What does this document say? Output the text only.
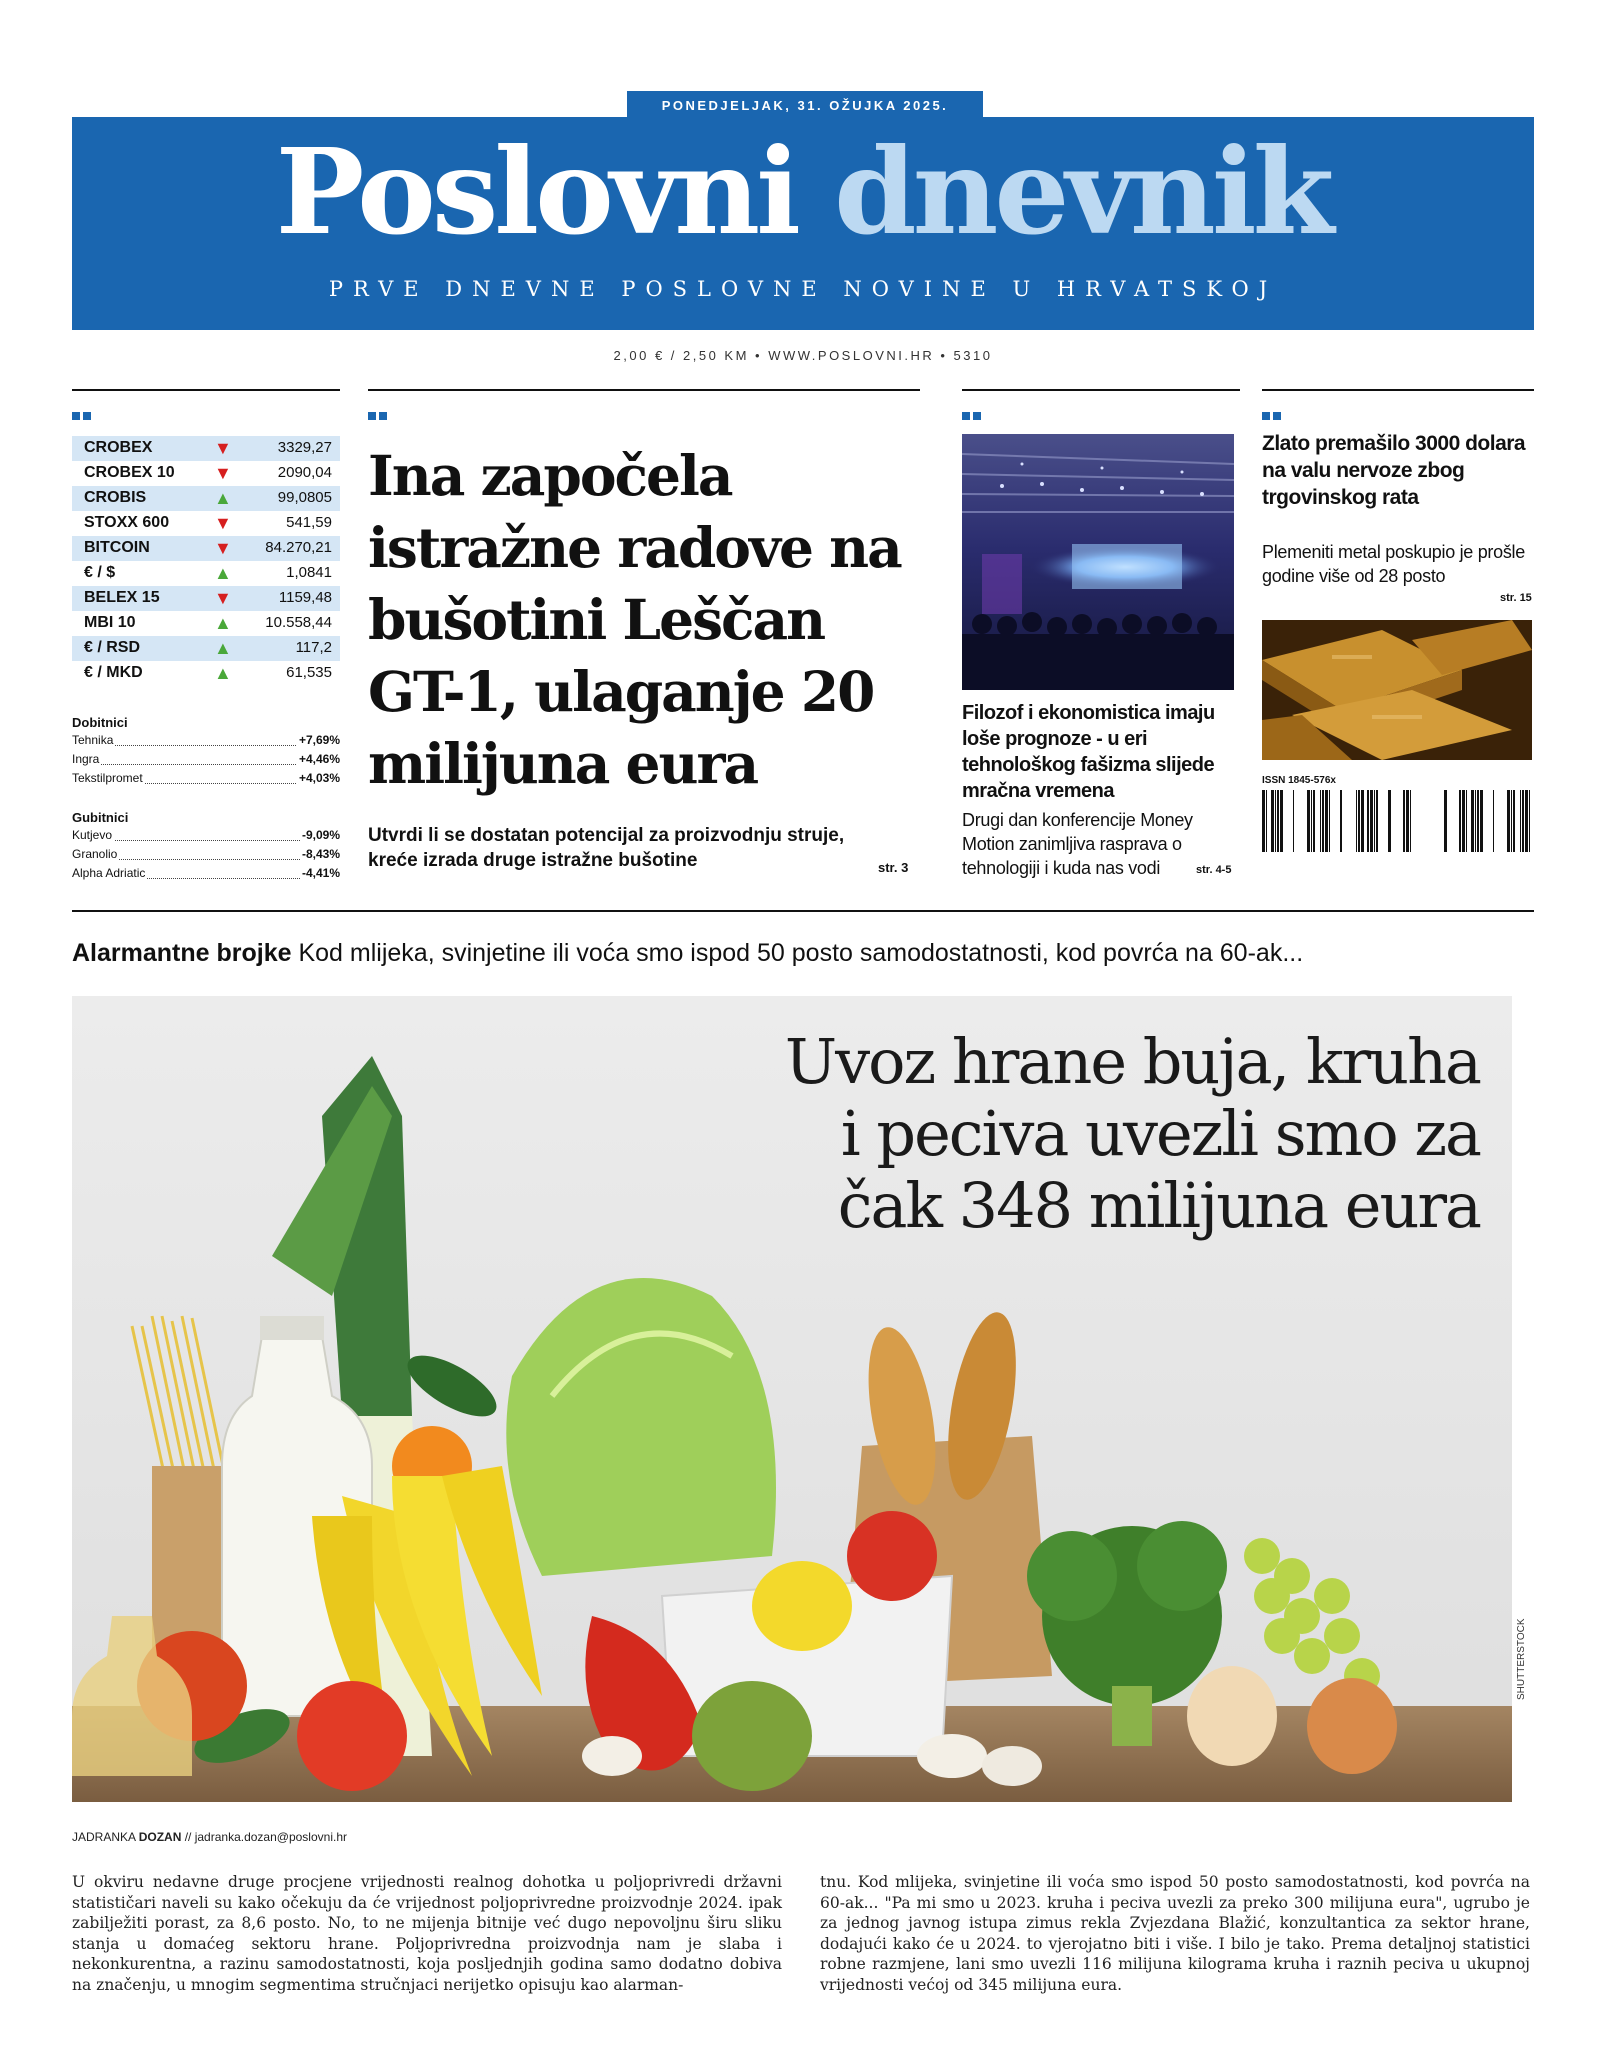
PONEDJELJAK, 31. OŽUJKA 2025.
Poslovni dnevnik
PRVE DNEVNE POSLOVNE NOVINE U HRVATSKOJ
2,00 € / 2,50 KM • WWW.POSLOVNI.HR • 5310
CROBEX	▼	3329,27
CROBEX 10 ▼	2090,04
CROBIS	▲	99,0805
STOXX 600 ▼	541,59
BITCOIN	▼ 84.270,21
€ / $	▲	1,0841
BELEX 15	▼	1159,48
MBI 10	▲ 10.558,44
€ / RSD	▲	117,2
€ / MKD	▲	61,535
Dobitnici
Tehnika	+7,69%
Ingra	+4,46%
Tekstilpromet	+4,03%
Gubitnici
Kutjevo	-9,09%
Granolio	-8,43%
Alpha Adriatic	-4,41%
Ina započela istražne radove na bušotini Leščan GT-1, ulaganje 20 milijuna eura
Utvrdi li se dostatan potencijal za proizvodnju struje, kreće izrada druge istražne bušotine	str. 3
Filozof i ekonomistica imaju loše prognoze - u eri tehnološkog fašizma slijede mračna vremena
Drugi dan konferencije Money Motion zanimljiva rasprava o tehnologiji i kuda nas vodi	str. 4-5
Zlato premašilo 3000 dolara na valu nervoze zbog trgovinskog rata
Plemeniti metal poskupio je prošle godine više od 28 posto
str. 15
ISSN 1845-576x
Alarmantne brojke Kod mlijeka, svinjetine ili voća smo ispod 50 posto samodostatnosti, kod povrća na 60-ak...
Uvoz hrane buja, kruha i peciva uvezli smo za čak 348 milijuna eura
SHUTTERSTOCK
JADRANKA DOZAN // jadranka.dozan@poslovni.hr
U okviru nedavne druge procjene vrijednosti realnog dohotka u poljoprivredi državni statističari naveli su kako očekuju da će vrijednost poljoprivredne proizvodnje 2024. ipak zabilježiti porast, za 8,6 posto. No, to ne mijenja bitnije već dugo nepovoljnu širu sliku stanja u domaćeg sektoru hrane. Poljoprivredna proizvodnja nam je slaba i nekonkurentna, a razinu samodostatnosti, koja posljednjih godina samo dodatno dobiva na značenju, u mnogim segmentima stručnjaci nerijetko opisuju kao alarman-
tnu. Kod mlijeka, svinjetine ili voća smo ispod 50 posto samodostatnosti, kod povrća na 60-ak... "Pa mi smo u 2023. kruha i peciva uvezli za preko 300 milijuna eura", ugrubo je za jednog javnog istupa zimus rekla Zvjezdana Blažić, konzultantica za sektor hrane, dodajući kako će u 2024. to vjerojatno biti i više. I bilo je tako. Prema detaljnoj statistici robne razmjene, lani smo uvezli 116 milijuna kilograma kruha i raznih peciva u ukupnoj vrijednosti većoj od 345 milijuna eura.
